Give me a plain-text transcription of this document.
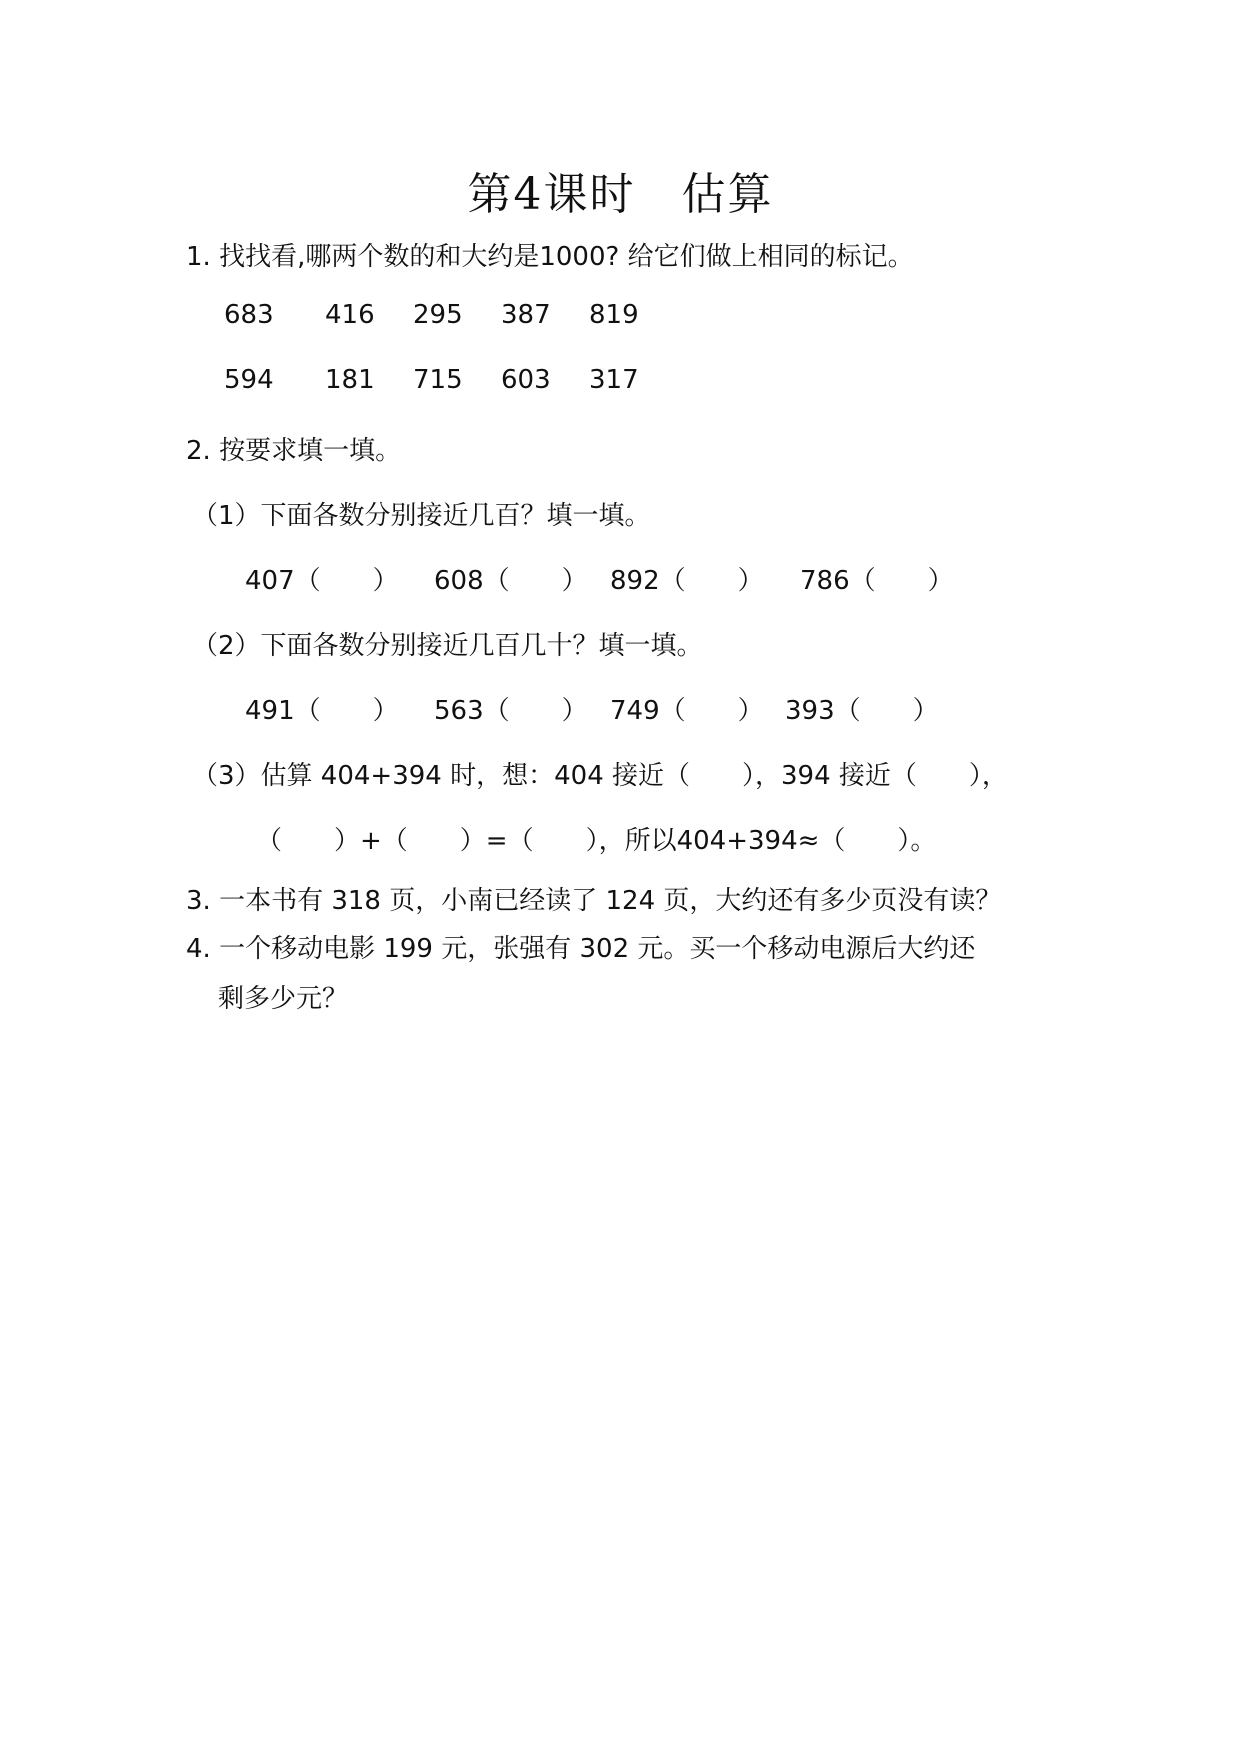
第4课时　估算
1. 找找看,哪两个数的和大约是1000? 给它们做上相同的标记。
683 416 295 387 819
594 181 715 603 317
2. 按要求填一填。
（1）下面各数分别接近几百？填一填。
407（　　） 608（　　） 892（　　） 786（　　）
（2）下面各数分别接近几百几十？填一填。
491（　　） 563（　　） 749（　　） 393（　　）
（3）估算 404+394 时，想：404 接近（　　），394 接近（　　），
（　　）+（　　）=（　　），所以404+394≈（　　）。
3. 一本书有 318 页，小南已经读了 124 页，大约还有多少页没有读？
4. 一个移动电影 199 元，张强有 302 元。买一个移动电源后大约还
剩多少元？
